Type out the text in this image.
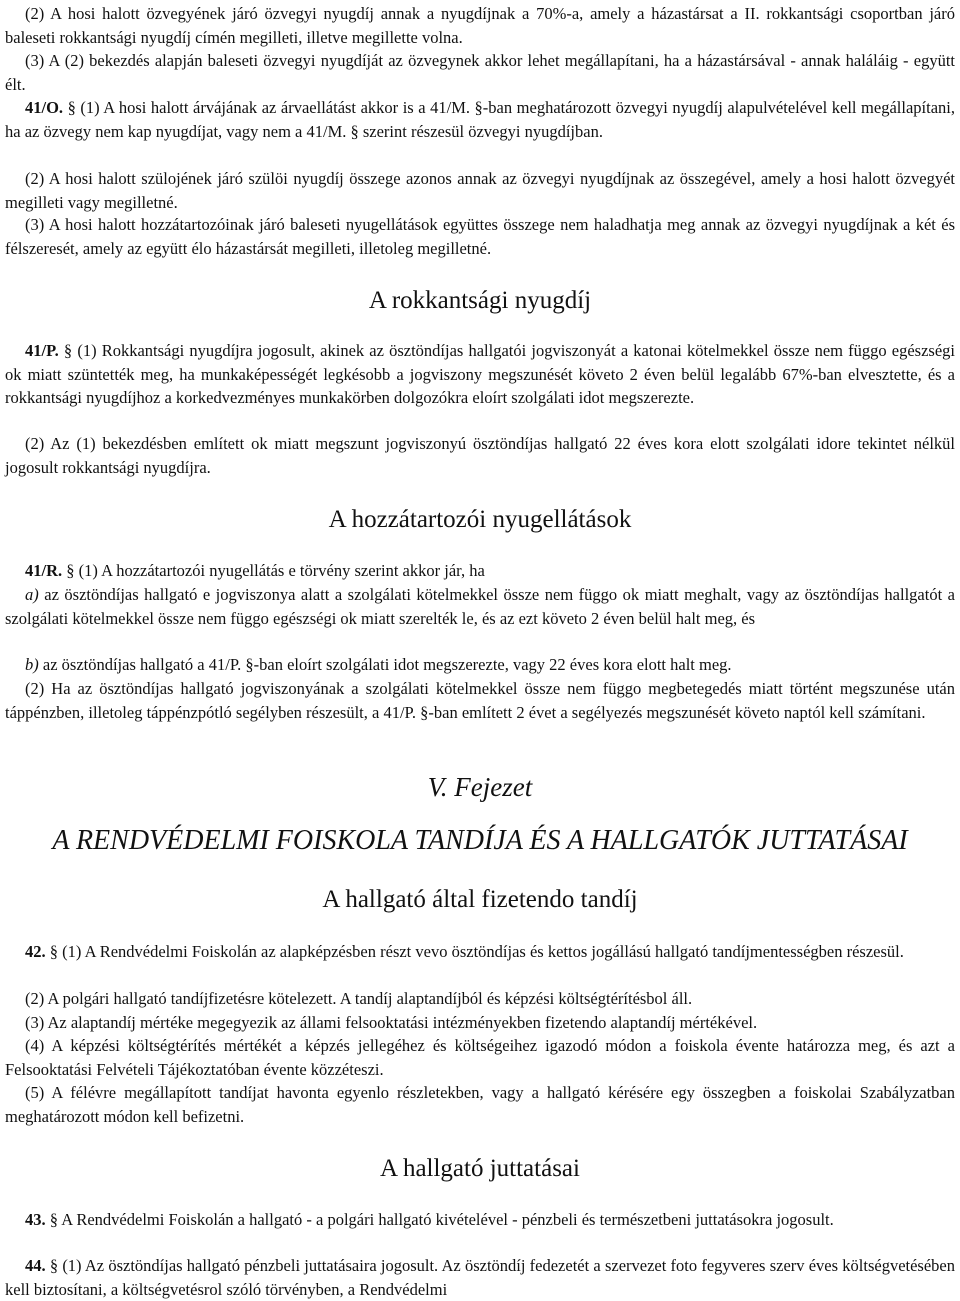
(2) A hosi halott özvegyének járó özvegyi nyugdíj annak a nyugdíjnak a 70%-a, amely a házastársat a II. rokkantsági csoportban járó baleseti rokkantsági nyugdíj címén megilleti, illetve megillette volna.
(3) A (2) bekezdés alapján baleseti özvegyi nyugdíját az özvegynek akkor lehet megállapítani, ha a házastársával - annak haláláig - együtt élt.
41/O. § (1) A hosi halott árvájának az árvaellátást akkor is a 41/M. §-ban meghatározott özvegyi nyugdíj alapulvételével kell megállapítani, ha az özvegy nem kap nyugdíjat, vagy nem a 41/M. § szerint részesül özvegyi nyugdíjban.
(2) A hosi halott szülojének járó szülöi nyugdíj összege azonos annak az özvegyi nyugdíjnak az összegével, amely a hosi halott özvegyét megilleti vagy megilletné.
(3) A hosi halott hozzátartozóinak járó baleseti nyugellátások együttes összege nem haladhatja meg annak az özvegyi nyugdíjnak a két és félszeresét, amely az együtt élo házastársát megilleti, illetoleg megilletné.
A rokkantsági nyugdíj
41/P. § (1) Rokkantsági nyugdíjra jogosult, akinek az ösztöndíjas hallgatói jogviszonyát a katonai kötelmekkel össze nem függo egészségi ok miatt szüntették meg, ha munkaképességét legkésobb a jogviszony megszunését követo 2 éven belül legalább 67%-ban elvesztette, és a rokkantsági nyugdíjhoz a korkedvezményes munkakörben dolgozókra eloírt szolgálati idot megszerezte.
(2) Az (1) bekezdésben említett ok miatt megszunt jogviszonyú ösztöndíjas hallgató 22 éves kora elott szolgálati idore tekintet nélkül jogosult rokkantsági nyugdíjra.
A hozzátartozói nyugellátások
41/R. § (1) A hozzátartozói nyugellátás e törvény szerint akkor jár, ha
a) az ösztöndíjas hallgató e jogviszonya alatt a szolgálati kötelmekkel össze nem függo ok miatt meghalt, vagy az ösztöndíjas hallgatót a szolgálati kötelmekkel össze nem függo egészségi ok miatt szerelték le, és az ezt követo 2 éven belül halt meg, és
b) az ösztöndíjas hallgató a 41/P. §-ban eloírt szolgálati idot megszerezte, vagy 22 éves kora elott halt meg.
(2) Ha az ösztöndíjas hallgató jogviszonyának a szolgálati kötelmekkel össze nem függo megbetegedés miatt történt megszunése után táppénzben, illetoleg táppénzpótló segélyben részesült, a 41/P. §-ban említett 2 évet a segélyezés megszunését követo naptól kell számítani.
V. Fejezet
A RENDVÉDELMI FOISKOLA TANDÍJA ÉS A HALLGATÓK JUTTATÁSAI
A hallgató által fizetendo tandíj
42. § (1) A Rendvédelmi Foiskolán az alapképzésben részt vevo ösztöndíjas és kettos jogállású hallgató tandíjmentességben részesül.
(2) A polgári hallgató tandíjfizetésre kötelezett. A tandíj alaptandíjból és képzési költségtérítésbol áll.
(3) Az alaptandíj mértéke megegyezik az állami felsooktatási intézményekben fizetendo alaptandíj mértékével.
(4) A képzési költségtérítés mértékét a képzés jellegéhez és költségeihez igazodó módon a foiskola évente határozza meg, és azt a Felsooktatási Felvételi Tájékoztatóban évente közzéteszi.
(5) A félévre megállapított tandíjat havonta egyenlo részletekben, vagy a hallgató kérésére egy összegben a foiskolai Szabályzatban meghatározott módon kell befizetni.
A hallgató juttatásai
43. § A Rendvédelmi Foiskolán a hallgató - a polgári hallgató kivételével - pénzbeli és természetbeni juttatásokra jogosult.
44. § (1) Az ösztöndíjas hallgató pénzbeli juttatásaira jogosult. Az ösztöndíj fedezetét a szervezet foto fegyveres szerv éves költségvetésében kell biztosítani, a költségvetésrol szóló törvényben, a Rendvédelmi
